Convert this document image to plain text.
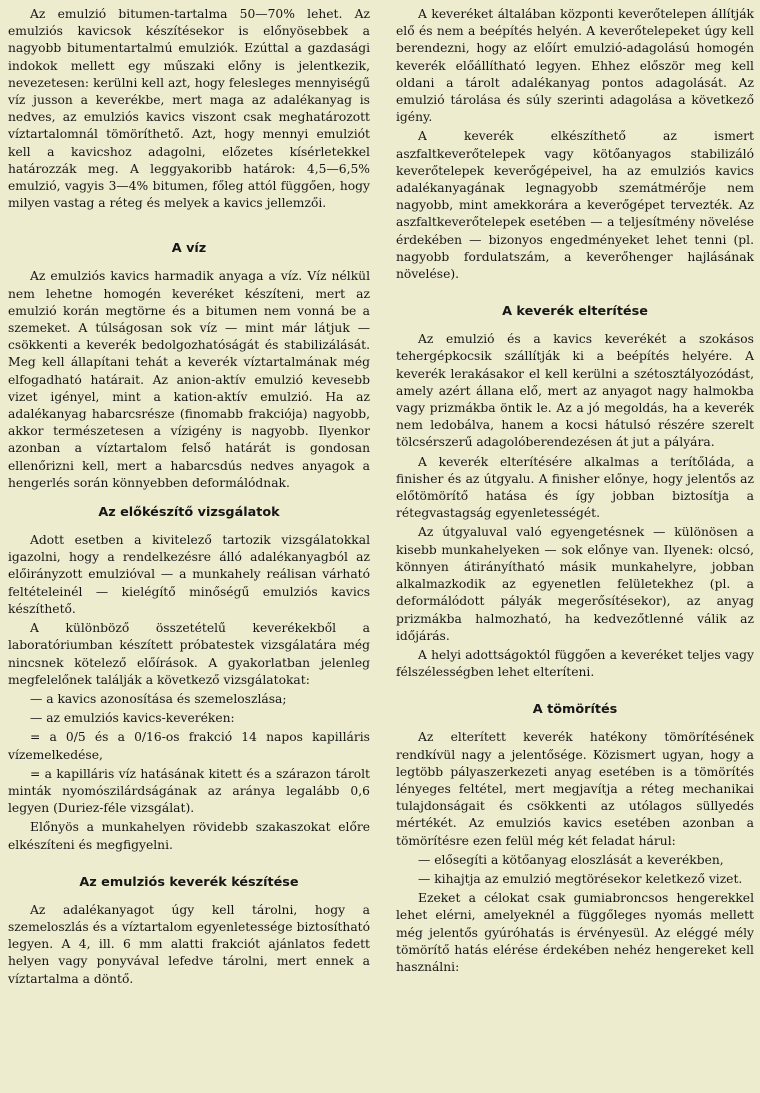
Az emulzió bitumen-tartalma 50—70% lehet. Az emulziós kavicsok készítésekor is előnyösebbek a nagyobb bitumentartalmú emulziók. Ezúttal a gazdasági indokok mellett egy műszaki előny is jelentkezik, nevezetesen: kerülni kell azt, hogy felesleges mennyiségű víz jusson a keverékbe, mert maga az adalékanyag is nedves, az emulziós kavics viszont csak meghatározott víztartalomnál tömöríthető. Azt, hogy mennyi emulziót kell a kavicshoz adagolni, előzetes kísérletekkel határozzák meg. A leggyakoribb határok: 4,5—6,5% emulzió, vagyis 3—4% bitumen, főleg attól függően, hogy milyen vastag a réteg és melyek a kavics jellemzői.

A víz

Az emulziós kavics harmadik anyaga a víz. Víz nélkül nem lehetne homogén keveréket készíteni, mert az emulzió korán megtörne és a bitumen nem vonná be a szemeket. A túlságosan sok víz — mint már látjuk — csökkenti a keverék bedolgozhatóságát és stabilizálását. Meg kell állapítani tehát a keverék víztartalmának még elfogadható határait. Az anion-aktív emulzió kevesebb vizet igényel, mint a kation-aktív emulzió. Ha az adalékanyag habarcsrésze (finomabb frakciója) nagyobb, akkor természetesen a vízigény is nagyobb. Ilyenkor azonban a víztartalom felső határát is gondosan ellenőrizni kell, mert a habarcsdús nedves anyagok a hengerlés során könnyebben deformálódnak.

Az előkészítő vizsgálatok

Adott esetben a kivitelező tartozik vizsgálatokkal igazolni, hogy a rendelkezésre álló adalékanyagból az előirányzott emulzióval — a munkahely reálisan várható feltételeinél — kielégítő minőségű emulziós kavics készíthető.

A különböző összetételű keverékekből a laboratóriumban készített próbatestek vizsgálatára még nincsnek kötelező előírások. A gyakorlatban jelenleg megfelelőnek találják a következő vizsgálatokat:

— a kavics azonosítása és szemeloszlása;

— az emulziós kavics-keveréken:

= a 0/5 és a 0/16-os frakció 14 napos kapilláris vízemelkedése,

= a kapilláris víz hatásának kitett és a szárazon tárolt minták nyomószilárdságának az aránya legalább 0,6 legyen (Duriez-féle vizsgálat).

Előnyös a munkahelyen rövidebb szakaszokat előre elkészíteni és megfigyelni.

Az emulziós keverék készítése

Az adalékanyagot úgy kell tárolni, hogy a szemeloszlás és a víztartalom egyenletessége biztosítható legyen. A 4, ill. 6 mm alatti frakciót ajánlatos fedett helyen vagy ponyvával lefedve tárolni, mert ennek a víztartalma a döntő.

A keveréket általában központi keverőtelepen állítják elő és nem a beépítés helyén. A keverőtelepeket úgy kell berendezni, hogy az előírt emulzió-adagolású homogén keverék előállítható legyen. Ehhez először meg kell oldani a tárolt adalékanyag pontos adagolását. Az emulzió tárolása és súly szerinti adagolása a következő igény.

A keverék elkészíthető az ismert aszfaltkeverőtelepek vagy kötőanyagos stabilizáló keverőtelepek keverőgépeivel, ha az emulziós kavics adalékanyagának legnagyobb szemátmérője nem nagyobb, mint amekkorára a keverőgépet tervezték. Az aszfaltkeverőtelepek esetében — a teljesítmény növelése érdekében — bizonyos engedményeket lehet tenni (pl. nagyobb fordulatszám, a keverőhenger hajlásának növelése).

A keverék elterítése

Az emulzió és a kavics keverékét a szokásos tehergépkocsik szállítják ki a beépítés helyére. A keverék lerakásakor el kell kerülni a szétosztályozódást, amely azért állana elő, mert az anyagot nagy halmokba vagy prizmákba öntik le. Az a jó megoldás, ha a keverék nem ledobálva, hanem a kocsi hátulsó részére szerelt tölcsérszerű adagolóberendezésen át jut a pályára.

A keverék elterítésére alkalmas a terítőláda, a finisher és az útgyalu. A finisher előnye, hogy jelentős az előtömörítő hatása és így jobban biztosítja a rétegvastagság egyenletességét.

Az útgyaluval való egyengetésnek — különösen a kisebb munkahelyeken — sok előnye van. Ilyenek: olcsó, könnyen átirányítható másik munkahelyre, jobban alkalmazkodik az egyenetlen felületekhez (pl. a deformálódott pályák megerősítésekor), az anyag prizmákba halmozható, ha kedvezőtlenné válik az időjárás.

A helyi adottságoktól függően a keveréket teljes vagy félszélességben lehet elteríteni.

A tömörítés

Az elterített keverék hatékony tömörítésének rendkívül nagy a jelentősége. Közismert ugyan, hogy a legtöbb pályaszerkezeti anyag esetében is a tömörítés lényeges feltétel, mert megjavítja a réteg mechanikai tulajdonságait és csökkenti az utólagos süllyedés mértékét. Az emulziós kavics esetében azonban a tömörítésre ezen felül még két feladat hárul:

— elősegíti a kötőanyag eloszlását a keverékben,

— kihajtja az emulzió megtörésekor keletkező vizet.

Ezeket a célokat csak gumiabroncsos hengerekkel lehet elérni, amelyeknél a függőleges nyomás mellett még jelentős gyúróhatás is érvényesül. Az eléggé mély tömörítő hatás elérése érdekében nehéz hengereket kell használni:
